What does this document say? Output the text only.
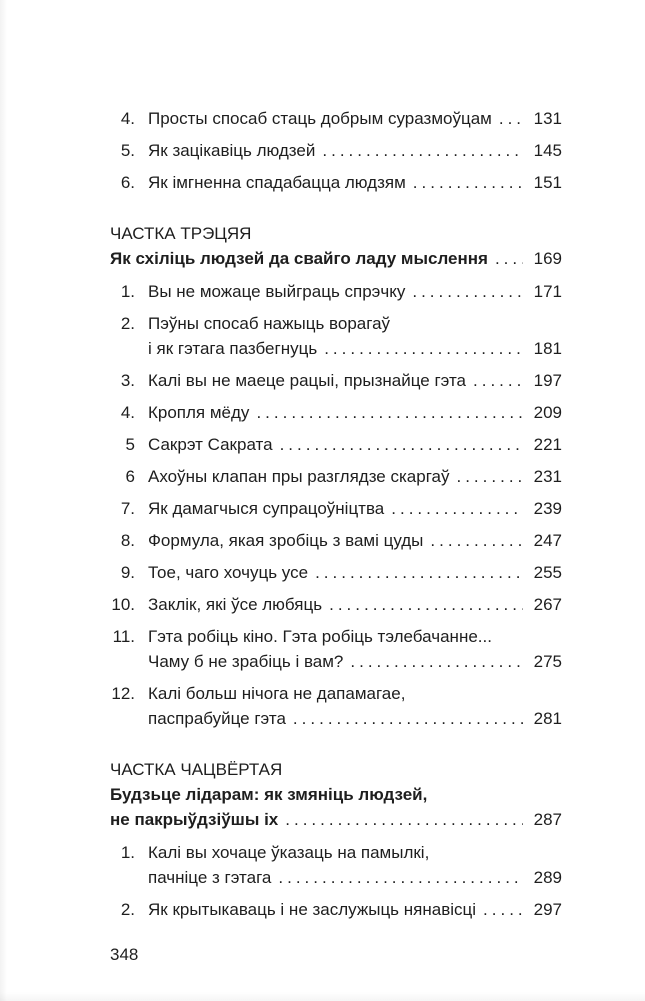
4. Просты спосаб стаць добрым суразмоўцам ..... 131
5. Як зацікавіць людзей .....	145
6. Як імгненна спадабацца людзям .....	151
ЧАСТКА ТРЭЦЯЯ
Як схіліць людзей да свайго ладу мыслення .....	169
1. Вы не можаце выйграць спрэчку .....	171
2. Пэўны спосаб нажыць ворагаў
і як гэтага пазбегнуць .....	181
3. Калі вы не маеце рацыі, прызнайце гэта .....	197
4. Кропля мёду .....	209
5 Сакрэт Сакрата .....	221
6 Ахоўны клапан пры разглядзе скаргаў .....	231
7. Як дамагчыся супрацоўніцтва .....	239
8. Формула, якая зробіць з вамі цуды .....	247
9. Тое, чаго хочуць усе .....	255
10. Заклік, які ўсе любяць .....	267
11. Гэта робіць кіно. Гэта робіць тэлебачанне...
Чаму б не зрабіць і вам? .....	275
12. Калі больш нічога не дапамагае,
паспрабуйце гэта .....	281
ЧАСТКА ЧАЦВЁРТАЯ
Будзьце лідарам: як змяніць людзей,
не пакрыўдзіўшы іх .....	287
1. Калі вы хочаце ўказаць на памылкі,
пачніце з гэтага .....	289
2. Як крытыкаваць і не заслужыць нянавісці .....	297
348
